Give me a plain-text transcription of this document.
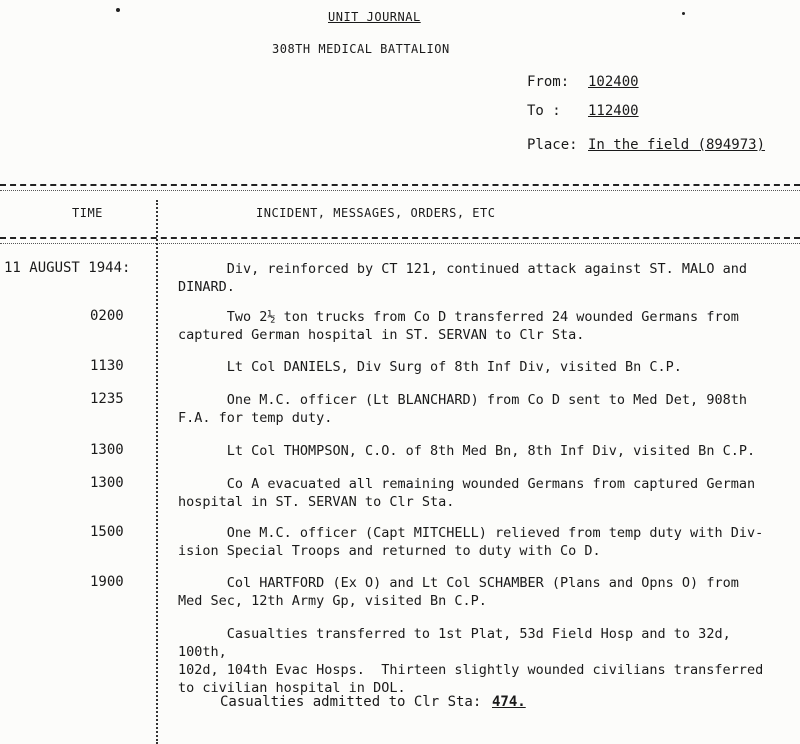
UNIT JOURNAL
308TH MEDICAL BATTALION
From: 102400
To : 112400
Place: In the field (894973)
TIME	INCIDENT, MESSAGES, ORDERS, ETC
11 AUGUST 1944:	Div, reinforced by CT 121, continued attack against ST. MALO and
DINARD.
0200	Two 2½ ton trucks from Co D transferred 24 wounded Germans from
captured German hospital in ST. SERVAN to Clr Sta.
1130	Lt Col DANIELS, Div Surg of 8th Inf Div, visited Bn C.P.
1235	One M.C. officer (Lt BLANCHARD) from Co D sent to Med Det, 908th
F.A. for temp duty.
1300	Lt Col THOMPSON, C.O. of 8th Med Bn, 8th Inf Div, visited Bn C.P.
1300	Co A evacuated all remaining wounded Germans from captured German
hospital in ST. SERVAN to Clr Sta.
1500	One M.C. officer (Capt MITCHELL) relieved from temp duty with Div-
ision Special Troops and returned to duty with Co D.
1900	Col HARTFORD (Ex O) and Lt Col SCHAMBER (Plans and Opns O) from
Med Sec, 12th Army Gp, visited Bn C.P.
Casualties transferred to 1st Plat, 53d Field Hosp and to 32d, 100th,
102d, 104th Evac Hosps.  Thirteen slightly wounded civilians transferred
to civilian hospital in DOL.
Casualties admitted to Clr Sta: 474.
